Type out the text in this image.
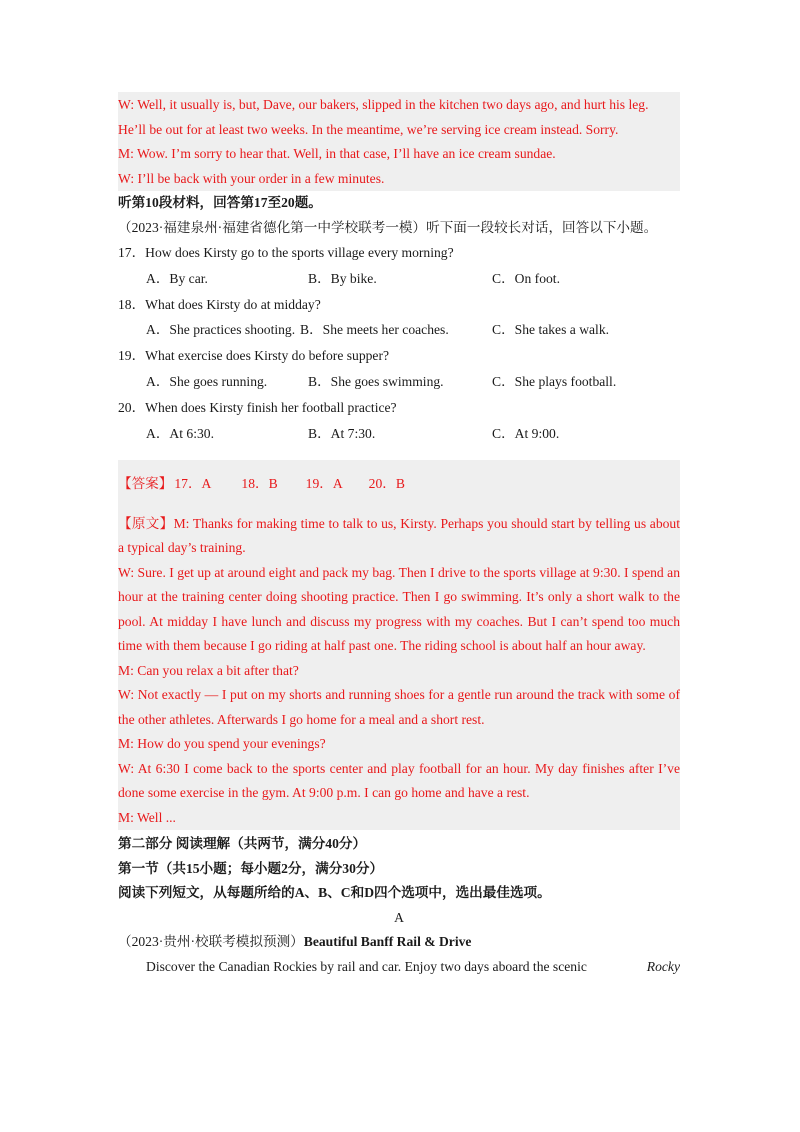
W: Well, it usually is, but, Dave, our bakers, slipped in the kitchen two days ago, and hurt his leg.
He’ll be out for at least two weeks. In the meantime, we’re serving ice cream instead. Sorry.
M: Wow. I’m sorry to hear that. Well, in that case, I’ll have an ice cream sundae.
W: I’ll be back with your order in a few minutes.
听第10段材料，回答第17至20题。
（2023·福建泉州·福建省德化第一中学校联考一模）听下面一段较长对话，回答以下小题。
17．How does Kirsty go to the sports village every morning?
A．By car.	B．By bike.	C．On foot.
18．What does Kirsty do at midday?
A．She practices shooting. B．She meets her coaches.	C．She takes a walk.
19．What exercise does Kirsty do before supper?
A．She goes running.	B．She goes swimming.	C．She plays football.
20．When does Kirsty finish her football practice?
A．At 6:30.	B．At 7:30.	C．At 9:00.
【答案】 17．A 18．B 19．A 20．B
【原文】M: Thanks for making time to talk to us, Kirsty. Perhaps you should start by telling us about a typical day’s training.
W: Sure. I get up at around eight and pack my bag. Then I drive to the sports village at 9:30. I spend an hour at the training center doing shooting practice. Then I go swimming. It’s only a short walk to the pool. At midday I have lunch and discuss my progress with my coaches. But I can’t spend too much time with them because I go riding at half past one. The riding school is about half an hour away.
M: Can you relax a bit after that?
W: Not exactly — I put on my shorts and running shoes for a gentle run around the track with some of the other athletes. Afterwards I go home for a meal and a short rest.
M: How do you spend your evenings?
W: At 6:30 I come back to the sports center and play football for an hour. My day finishes after I’ve done some exercise in the gym. At 9:00 p.m. I can go home and have a rest.
M: Well ...
第二部分 阅读理解（共两节，满分40分）
第一节（共15小题；每小题2分，满分30分）
阅读下列短文，从每题所给的A、B、C和D四个选项中，选出最佳选项。
A
（2023·贵州·校联考模拟预测）Beautiful Banff Rail & Drive
Discover the Canadian Rockies by rail and car. Enjoy two days aboard the scenic	Rocky
